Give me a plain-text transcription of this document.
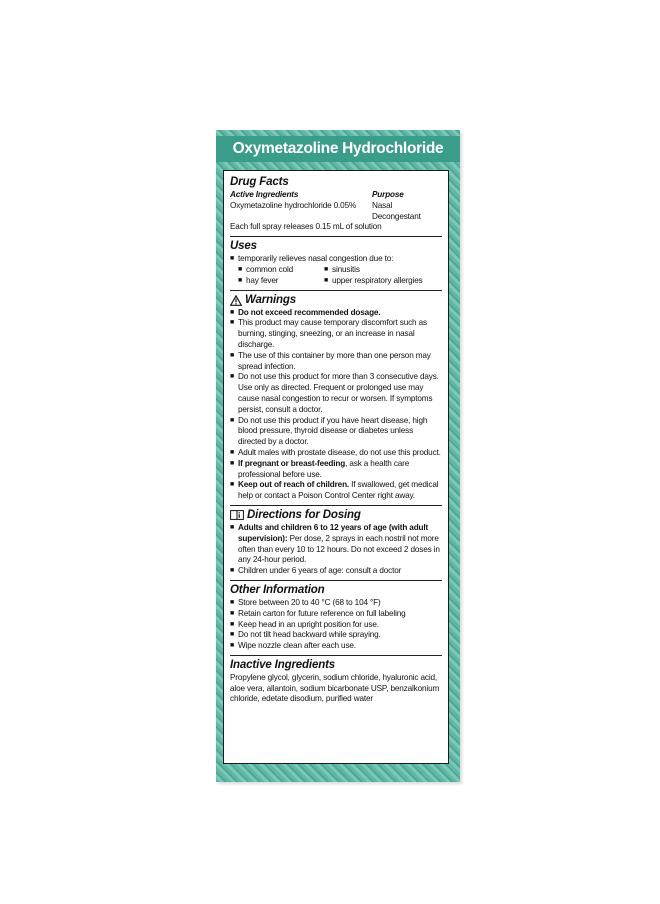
Oxymetazoline Hydrochloride
Drug Facts
Active Ingredients	Purpose
Oxymetazoline hydrochloride 0.05% Nasal Decongestant
Each full spray releases 0.15 mL of solution
Uses
■ temporarily relieves nasal congestion due to:
■ common cold	■ sinusitis
■ hay fever	■ upper respiratory allergies
Warnings
■ Do not exceed recommended dosage.
■ This product may cause temporary discomfort such as burning, stinging, sneezing, or an increase in nasal discharge.
■ The use of this container by more than one person may spread infection.
■ Do not use this product for more than 3 consecutive days. Use only as directed. Frequent or prolonged use may cause nasal congestion to recur or worsen. If symptoms persist, consult a doctor.
■ Do not use this product if you have heart disease, high blood pressure, thyroid disease or diabetes unless directed by a doctor.
■ Adult males with prostate disease, do not use this product.
■ If pregnant or breast-feeding, ask a health care professional before use.
■ Keep out of reach of children. If swallowed, get medical help or contact a Poison Control Center right away.
Directions for Dosing
■ Adults and children 6 to 12 years of age (with adult supervision): Per dose, 2 sprays in each nostril not more often than every 10 to 12 hours. Do not exceed 2 doses in any 24-hour period.
■ Children under 6 years of age: consult a doctor
Other Information
■ Store between 20 to 40 °C (68 to 104 °F)
■ Retain carton for future reference on full labeling
■ Keep head in an upright position for use.
■ Do not tilt head backward while spraying.
■ Wipe nozzle clean after each use.
Inactive Ingredients
Propylene glycol, glycerin, sodium chloride, hyaluronic acid, aloe vera, allantoin, sodium bicarbonate USP, benzalkonium chloride, edetate disodium, purified water
